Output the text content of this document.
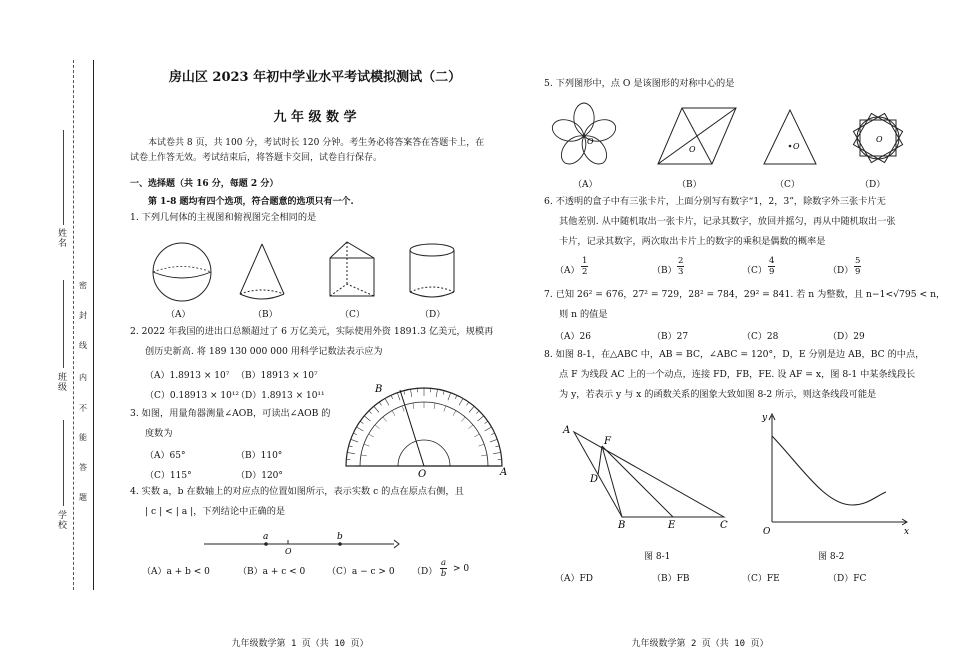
姓名
班级
学校
密
封
线
内
不
能
答
题
房山区 2023 年初中学业水平考试模拟测试（二）
九 年 级 数 学
本试卷共 8 页，共 100 分，考试时长 120 分钟。考生务必将答案答在答题卡上，在
试卷上作答无效。考试结束后，将答题卡交回，试卷自行保存。
一、选择题（共 16 分，每题 2 分）
第 1-8 题均有四个选项，符合题意的选项只有一个.
1. 下列几何体的主视图和俯视图完全相同的是
（A）	（B）	（C）	（D）
2. 2022 年我国的进出口总额超过了 6 万亿美元，实际使用外资 1891.3 亿美元，规模再
创历史新高. 将 189 130 000 000 用科学记数法表示应为
（A）1.8913 × 10⁷ （B）18913 × 10⁷
（C）0.18913 × 10¹²
（D）1.8913 × 10¹¹
3. 如图，用量角器测量∠AOB，可读出∠AOB 的
度数为
（A）65°	（B）110°
（C）115°	（D）120°
B
O	A
4. 实数 a，b 在数轴上的对应点的位置如图所示，表示实数 c 的点在原点右侧，且
| c | < | a |，下列结论中正确的是
a
O
b
（A）a + b < 0	（B）a + c < 0 （C）a − c > 0 $(D) \frac{a}{b} > 0$
九年级数学第 1 页（共 10 页）
5. 下列图形中，点 O 是该图形的对称中心的是
O
O	O
O
（A）	（B）	（C）	（D）
6. 不透明的盒子中有三张卡片，上面分别写有数字“1，2，3”，除数字外三张卡片无
其他差别. 从中随机取出一张卡片，记录其数字，放回并摇匀，再从中随机取出一张
卡片，记录其数字，两次取出卡片上的数字的乘积是偶数的概率是
$(A) \frac{1}{2}$	$(B) \frac{2}{3}$	$(C) \frac{4}{9}$	$(D) \frac{5}{9}$
7. 已知 26² = 676，27² = 729，28² = 784，29² = 841. 若 n 为整数，且 n−1<√795 < n，
则 n 的值是
（A）26	（B）27	（C）28	（D）29
8. 如图 8-1，在△ABC 中，AB = BC，∠ABC = 120°，D，E 分别是边 AB，BC 的中点，
点 F 为线段 AC 上的一个动点，连接 FD，FB，FE. 设 AF = x，图 8-1 中某条线段长
为 y，若表示 y 与 x 的函数关系的图象大致如图 8-2 所示，则这条线段可能是
A
F
D
B	E	C
图 8-1
y
x
O
图 8-2
（A）FD	（B）FB	（C）FE	（D）FC
九年级数学第 2 页（共 10 页）
